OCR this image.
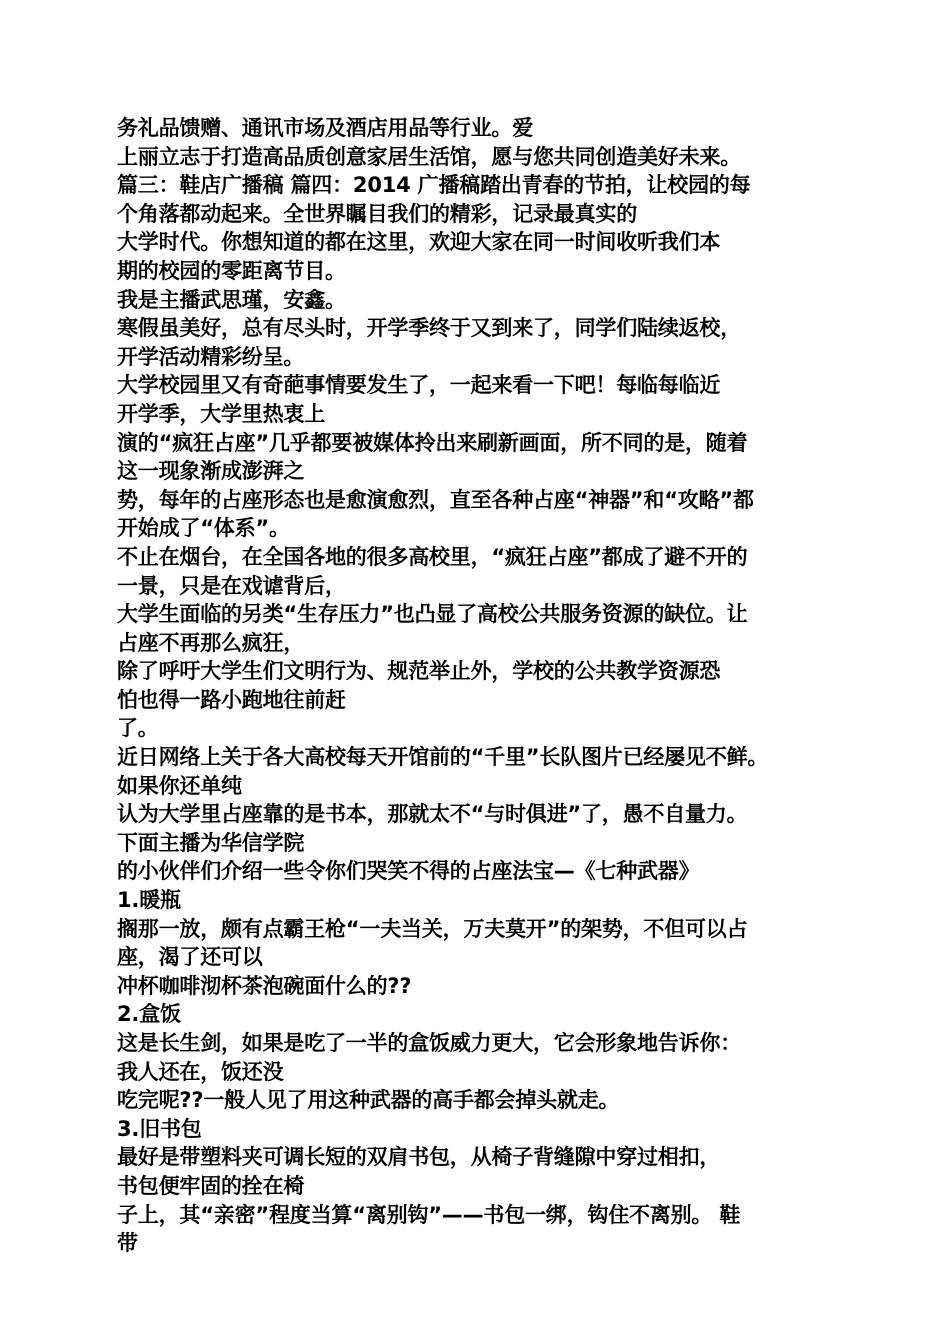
务礼品馈赠、通讯市场及酒店用品等行业。爱
上丽立志于打造高品质创意家居生活馆，愿与您共同创造美好未来。
篇三：鞋店广播稿 篇四：2014 广播稿踏出青春的节拍，让校园的每
个角落都动起来。全世界瞩目我们的精彩，记录最真实的
大学时代。你想知道的都在这里，欢迎大家在同一时间收听我们本
期的校园的零距离节目。
我是主播武思瑾，安鑫。
寒假虽美好，总有尽头时，开学季终于又到来了，同学们陆续返校，
开学活动精彩纷呈。
大学校园里又有奇葩事情要发生了，一起来看一下吧！每临每临近
开学季，大学里热衷上
演的“疯狂占座”几乎都要被媒体拎出来刷新画面，所不同的是，随着
这一现象渐成澎湃之
势，每年的占座形态也是愈演愈烈，直至各种占座“神器”和“攻略”都
开始成了“体系”。
不止在烟台，在全国各地的很多高校里，“疯狂占座”都成了避不开的
一景，只是在戏谑背后，
大学生面临的另类“生存压力”也凸显了高校公共服务资源的缺位。让
占座不再那么疯狂，
除了呼吁大学生们文明行为、规范举止外，学校的公共教学资源恐
怕也得一路小跑地往前赶
了。
近日网络上关于各大高校每天开馆前的“千里”长队图片已经屡见不鲜。
如果你还单纯
认为大学里占座靠的是书本，那就太不“与时俱进”了，愚不自量力。
下面主播为华信学院
的小伙伴们介绍一些令你们哭笑不得的占座法宝—《七种武器》
1.暖瓶
搁那一放，颇有点霸王枪“一夫当关，万夫莫开”的架势，不但可以占
座，渴了还可以
冲杯咖啡沏杯茶泡碗面什么的??
2.盒饭
这是长生剑，如果是吃了一半的盒饭威力更大，它会形象地告诉你：
我人还在，饭还没
吃完呢??一般人见了用这种武器的高手都会掉头就走。
3.旧书包
最好是带塑料夹可调长短的双肩书包，从椅子背缝隙中穿过相扣，
书包便牢固的拴在椅
子上，其“亲密”程度当算“离别钩”——书包一绑，钩住不离别。 鞋
带
